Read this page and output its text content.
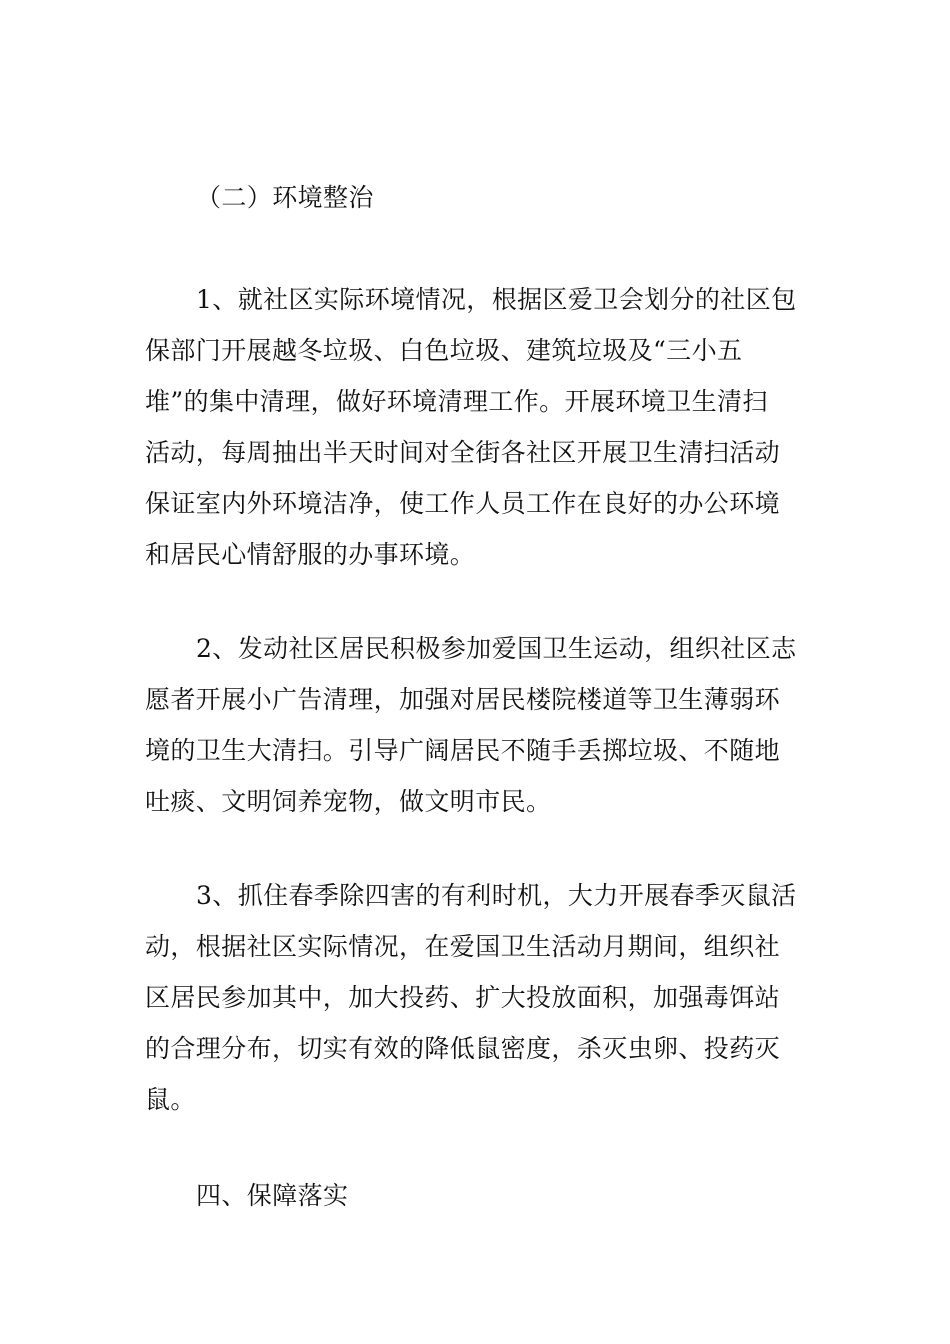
（二）环境整治
1、就社区实际环境情况，根据区爱卫会划分的社区包
保部门开展越冬垃圾、白色垃圾、建筑垃圾及“三小五
堆”的集中清理，做好环境清理工作。开展环境卫生清扫
活动，每周抽出半天时间对全街各社区开展卫生清扫活动
保证室内外环境洁净，使工作人员工作在良好的办公环境
和居民心情舒服的办事环境。
2、发动社区居民积极参加爱国卫生运动，组织社区志
愿者开展小广告清理，加强对居民楼院楼道等卫生薄弱环
境的卫生大清扫。引导广阔居民不随手丢掷垃圾、不随地
吐痰、文明饲养宠物，做文明市民。
3、抓住春季除四害的有利时机，大力开展春季灭鼠活
动，根据社区实际情况，在爱国卫生活动月期间，组织社
区居民参加其中，加大投药、扩大投放面积，加强毒饵站
的合理分布，切实有效的降低鼠密度，杀灭虫卵、投药灭
鼠。
四、保障落实
